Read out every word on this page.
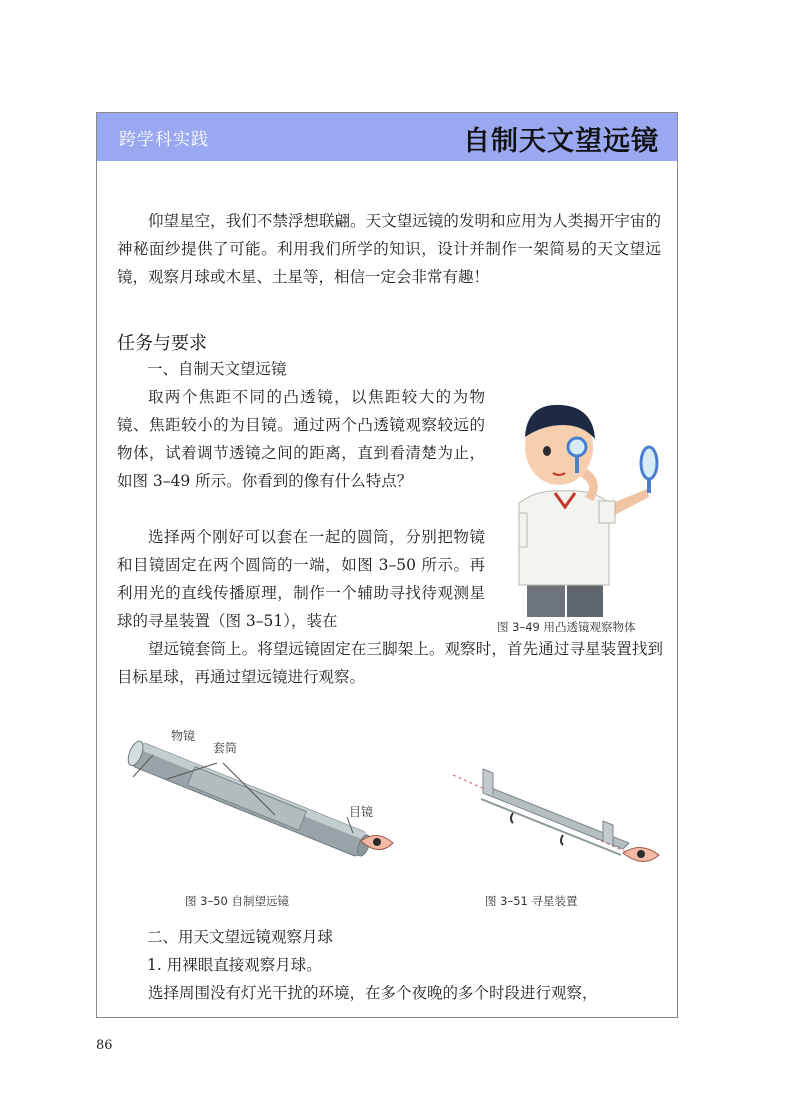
跨学科实践	自制天文望远镜

仰望星空，我们不禁浮想联翩。天文望远镜的发明和应用为人类揭开宇宙的神秘面纱提供了可能。利用我们所学的知识，设计并制作一架简易的天文望远镜，观察月球或木星、土星等，相信一定会非常有趣！

任务与要求

一、自制天文望远镜

取两个焦距不同的凸透镜，以焦距较大的为物镜、焦距较小的为目镜。通过两个凸透镜观察较远的物体，试着调节透镜之间的距离，直到看清楚为止，如图 3–49 所示。你看到的像有什么特点？

选择两个刚好可以套在一起的圆筒，分别把物镜和目镜固定在两个圆筒的一端，如图 3–50 所示。再利用光的直线传播原理，制作一个辅助寻找待观测星球的寻星装置（图 3–51），装在

望远镜套筒上。将望远镜固定在三脚架上。观察时，首先通过寻星装置找到目标星球，再通过望远镜进行观察。

图 3–49 用凸透镜观察物体

物镜

套筒

目镜

图 3–50 自制望远镜	图 3–51 寻星装置

二、用天文望远镜观察月球

1. 用裸眼直接观察月球。

选择周围没有灯光干扰的环境，在多个夜晚的多个时段进行观察，

86
